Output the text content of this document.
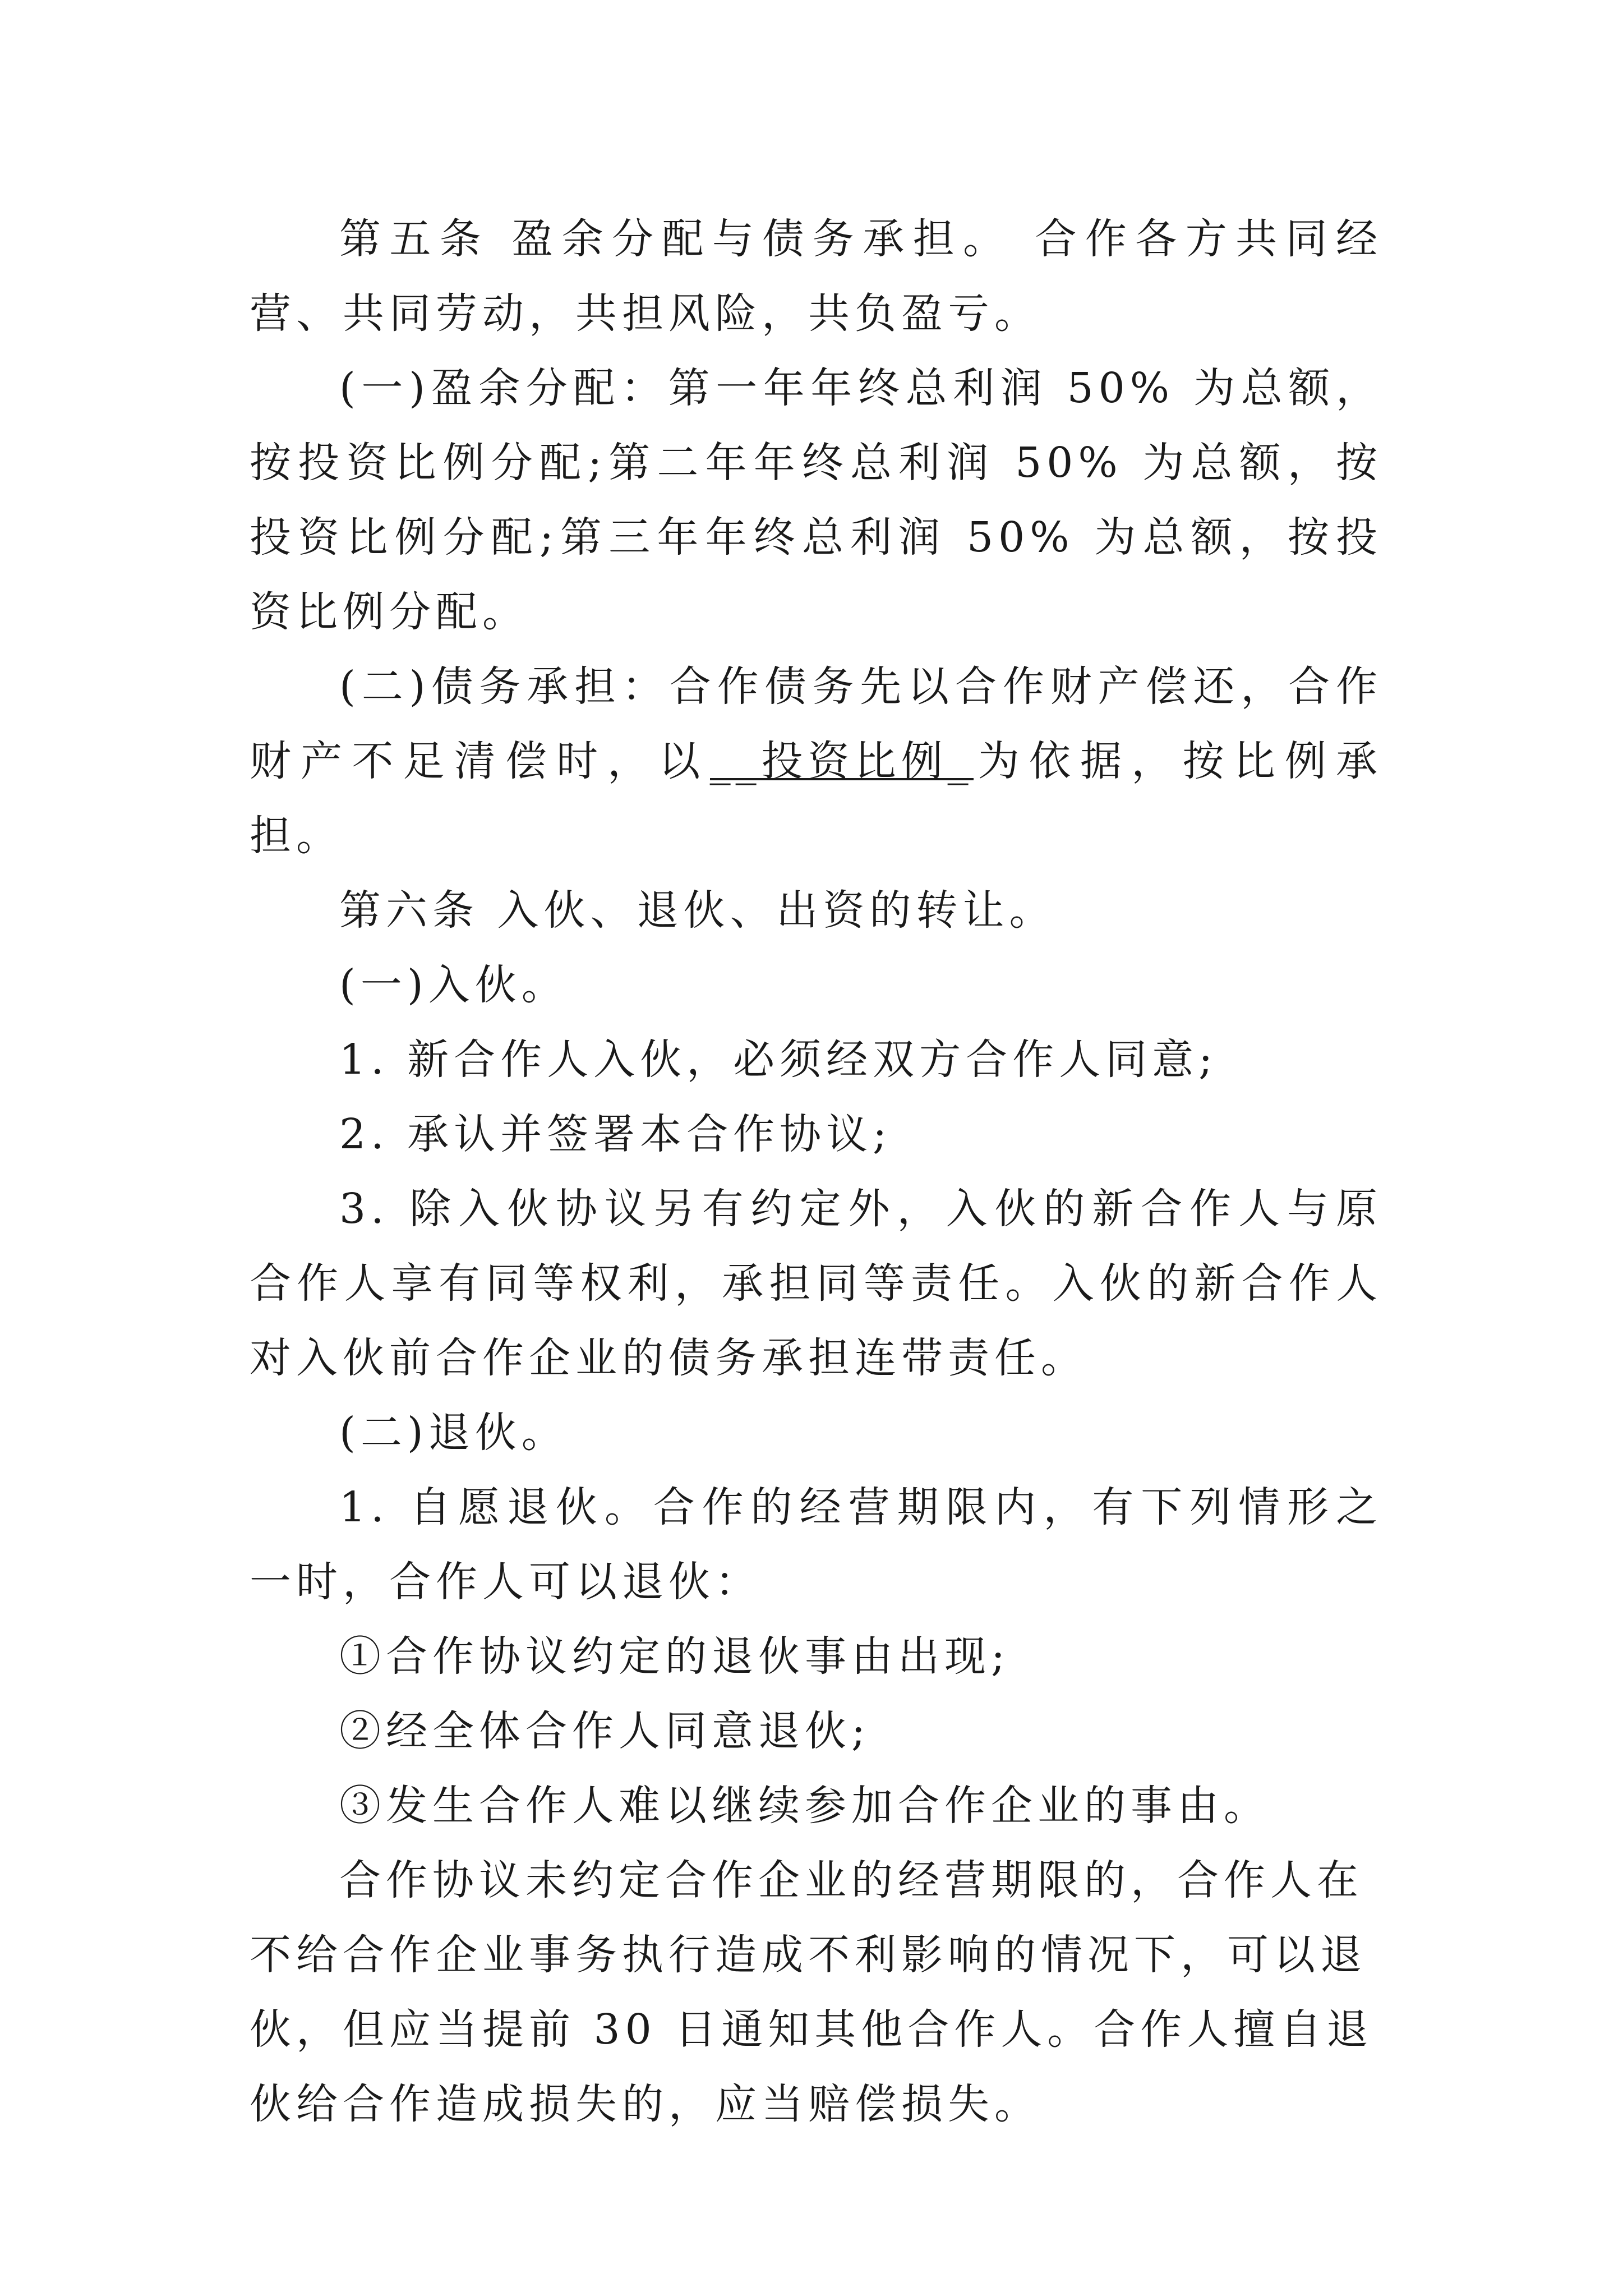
第五条 盈余分配与债务承担。 合作各方共同经营、共同劳动，共担风险，共负盈亏。

(一)盈余分配：第一年年终总利润 50% 为总额，按投资比例分配;第二年年终总利润 50% 为总额，按投资比例分配;第三年年终总利润 50% 为总额，按投资比例分配。

(二)债务承担：合作债务先以合作财产偿还，合作财产不足清偿时，以__投资比例_为依据，按比例承担。

第六条 入伙、退伙、出资的转让。

(一)入伙。

1. 新合作人入伙，必须经双方合作人同意;

2. 承认并签署本合作协议;

3. 除入伙协议另有约定外，入伙的新合作人与原合作人享有同等权利，承担同等责任。入伙的新合作人对入伙前合作企业的债务承担连带责任。

(二)退伙。

1. 自愿退伙。合作的经营期限内，有下列情形之一时，合作人可以退伙：

①合作协议约定的退伙事由出现;

②经全体合作人同意退伙;

③发生合作人难以继续参加合作企业的事由。

合作协议未约定合作企业的经营期限的，合作人在不给合作企业事务执行造成不利影响的情况下，可以退伙，但应当提前 30 日通知其他合作人。合作人擅自退伙给合作造成损失的，应当赔偿损失。
